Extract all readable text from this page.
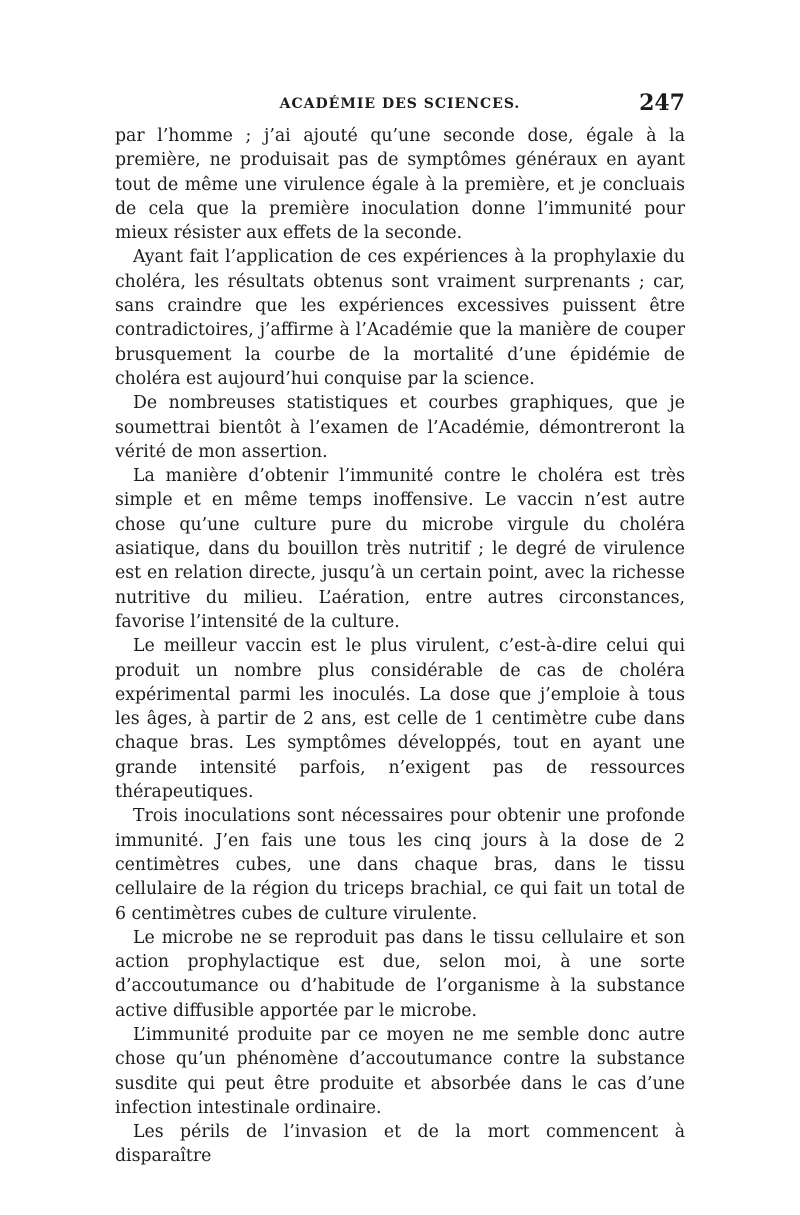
ACADÉMIE DES SCIENCES.	247

par l’homme ; j’ai ajouté qu’une seconde dose, égale à la première, ne produisait pas de symptômes généraux en ayant tout de même une virulence égale à la première, et je concluais de cela que la première inoculation donne l’immunité pour mieux résister aux effets de la seconde.

Ayant fait l’application de ces expériences à la prophylaxie du choléra, les résultats obtenus sont vraiment surprenants ; car, sans craindre que les expériences excessives puissent être contradictoires, j’affirme à l’Académie que la manière de couper brusquement la courbe de la mortalité d’une épidémie de choléra est aujourd’hui conquise par la science.

De nombreuses statistiques et courbes graphiques, que je soumettrai bientôt à l’examen de l’Académie, démontreront la vérité de mon assertion.

La manière d’obtenir l’immunité contre le choléra est très simple et en même temps inoffensive. Le vaccin n’est autre chose qu’une culture pure du microbe virgule du choléra asiatique, dans du bouillon très nutritif ; le degré de virulence est en relation directe, jusqu’à un certain point, avec la richesse nutritive du milieu. L’aération, entre autres circonstances, favorise l’intensité de la culture.

Le meilleur vaccin est le plus virulent, c’est-à-dire celui qui produit un nombre plus considérable de cas de choléra expérimental parmi les inoculés. La dose que j’emploie à tous les âges, à partir de 2 ans, est celle de 1 centimètre cube dans chaque bras. Les symptômes développés, tout en ayant une grande intensité parfois, n’exigent pas de ressources thérapeutiques.

Trois inoculations sont nécessaires pour obtenir une profonde immunité. J’en fais une tous les cinq jours à la dose de 2 centimètres cubes, une dans chaque bras, dans le tissu cellulaire de la région du triceps brachial, ce qui fait un total de 6 centimètres cubes de culture virulente.

Le microbe ne se reproduit pas dans le tissu cellulaire et son action prophylactique est due, selon moi, à une sorte d’accoutumance ou d’habitude de l’organisme à la substance active diffusible apportée par le microbe.

L’immunité produite par ce moyen ne me semble donc autre chose qu’un phénomène d’accoutumance contre la substance susdite qui peut être produite et absorbée dans le cas d’une infection intestinale ordinaire.

Les périls de l’invasion et de la mort commencent à disparaître
